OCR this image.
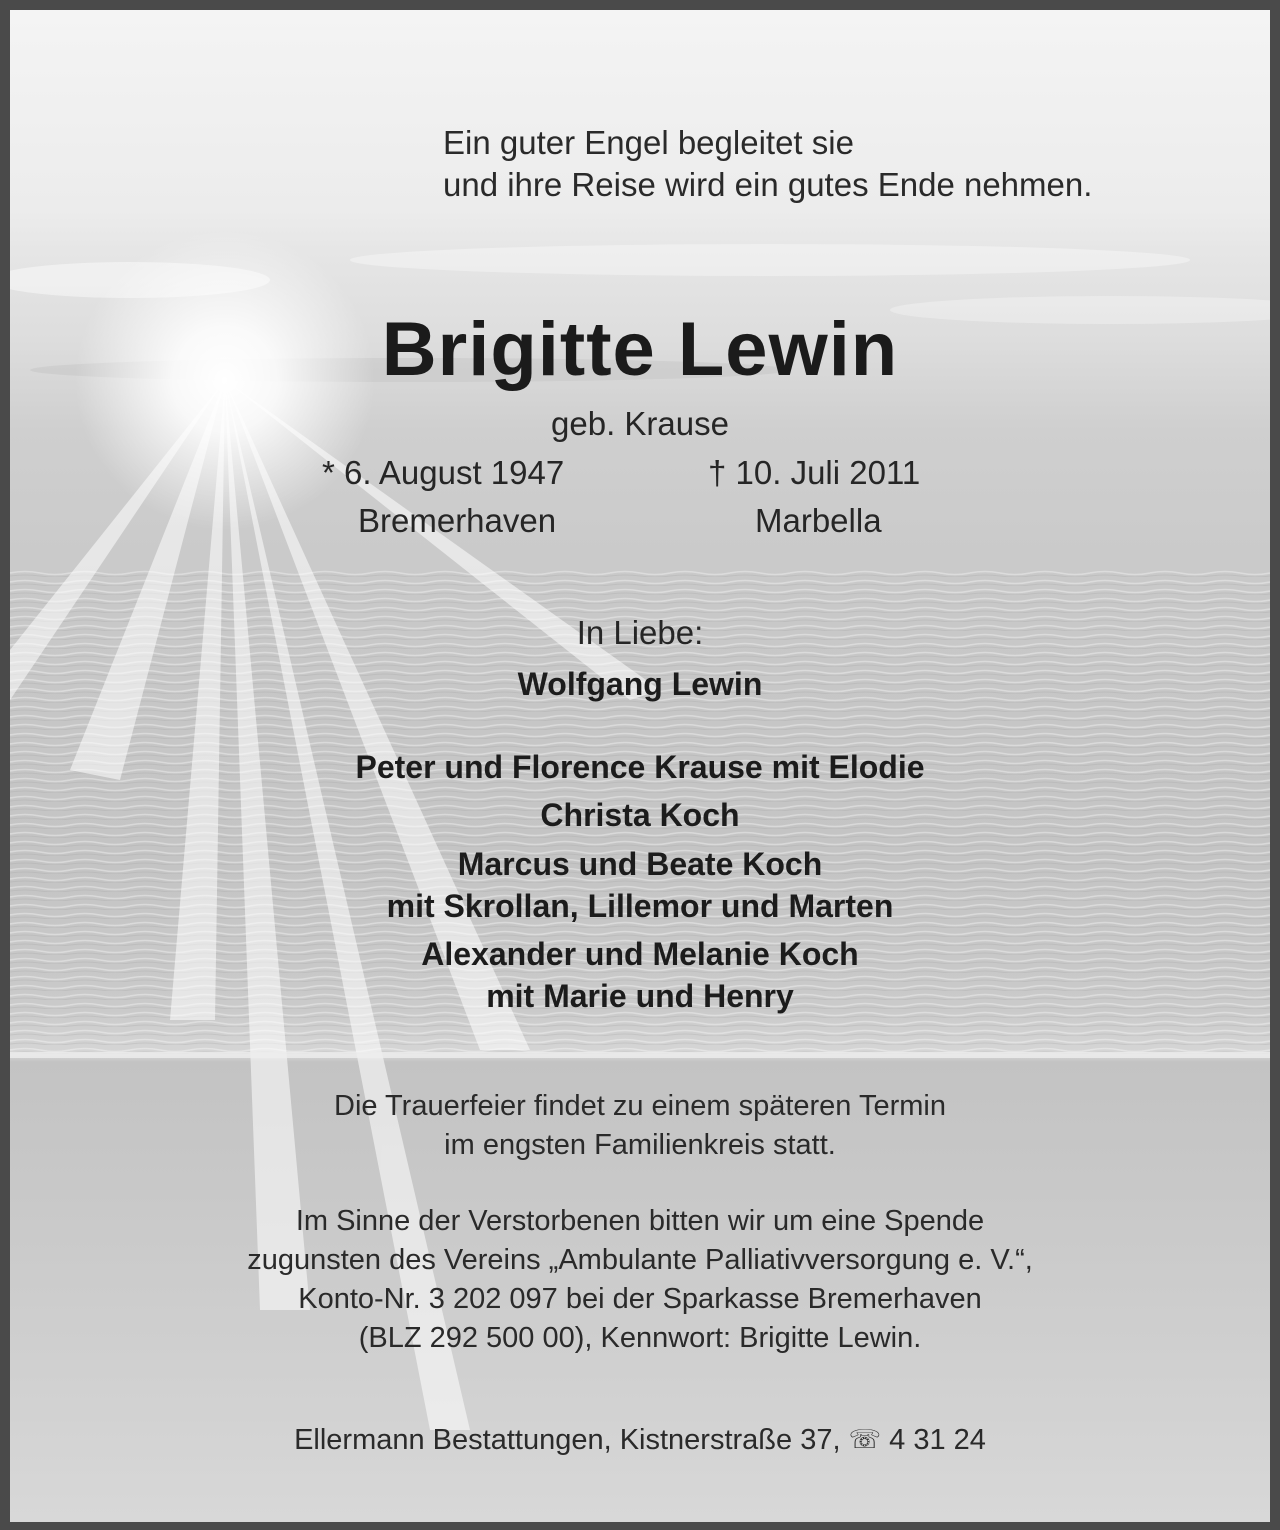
Ein guter Engel begleitet sie
und ihre Reise wird ein gutes Ende nehmen.
Brigitte Lewin
geb. Krause
* 6. August 1947	† 10. Juli 2011
Bremerhaven	Marbella
In Liebe:
Wolfgang Lewin
Peter und Florence Krause mit Elodie
Christa Koch
Marcus und Beate Koch
mit Skrollan, Lillemor und Marten
Alexander und Melanie Koch
mit Marie und Henry
Die Trauerfeier findet zu einem späteren Termin
im engsten Familienkreis statt.
Im Sinne der Verstorbenen bitten wir um eine Spende
zugunsten des Vereins „Ambulante Palliativversorgung e. V.“,
Konto-Nr. 3 202 097 bei der Sparkasse Bremerhaven
(BLZ 292 500 00), Kennwort: Brigitte Lewin.
Ellermann Bestattungen, Kistnerstraße 37, ☏ 4 31 24
